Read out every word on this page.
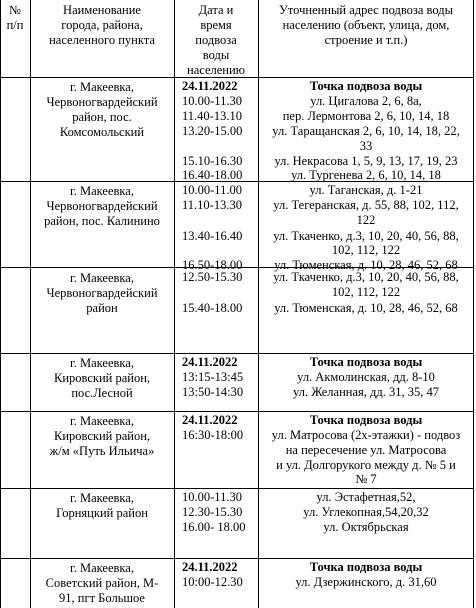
№
п/п
Наименование
города, района,
населенного пункта
Дата и
время
подвоза
воды
населению
Уточненный адрес подвоза воды
населению (объект, улица, дом,
строение и т.п.)
г. Макеевка,
Червоногвардейский
район, пос.
Комсомольский
24.11.2022
10.00-11.30
11.40-13.10
13.20-15.00
15.10-16.30
16.40-18.00
Точка подвоза воды
ул. Цигалова 2, 6, 8а,
пер. Лермонтова 2, 6, 10, 14, 18
ул. Таращанская 2, 6, 10, 14, 18, 22,
33
ул. Некрасова 1, 5, 9, 13, 17, 19, 23
ул. Тургенева 2, 6, 10, 14, 18
г. Макеевка,
Червоногвардейский
район, пос. Калинино
10.00-11.00
11.10-13.30
13.40-16.40
16.50-18.00
ул. Таганская, д. 1-21
ул. Тегеранская, д. 55, 88, 102, 112,
122
ул. Ткаченко, д.3, 10, 20, 40, 56, 88,
102, 112, 122
ул. Тюменская, д. 10, 28, 46, 52, 68
г. Макеевка,
Червоногвардейский
район
12.50-15.30
15.40-18.00
ул. Ткаченко, д.3, 10, 20, 40, 56, 88,
102, 112, 122
ул. Тюменская, д. 10, 28, 46, 52, 68
г. Макеевка,
Кировский район,
пос.Лесной
24.11.2022
13:15-13:45
13:50-14:30
Точка подвоза воды
ул. Акмолинская, дд. 8-10
ул. Желанная, дд. 31, 35, 47
г. Макеевка,
Кировский район,
ж/м «Путь Ильича»
24.11.2022
16:30-18:00
Точка подвоза воды
ул. Матросова (2х-этажки) - подвоз
на пересечение ул. Матросова
и ул. Долгорукого между д. № 5 и
№ 7
г. Макеевка,
Горняцкий район
10.00-11.30
12.30-15.30
16.00- 18.00
ул. Эстафетная,52,
ул. Углекопная,54,20,32
ул. Октябрьская
г. Макеевка,
Советский район, М-
91, пгт Большое
24.11.2022
10:00-12.30
Точка подвоза воды
ул. Дзержинского, д. 31,60
